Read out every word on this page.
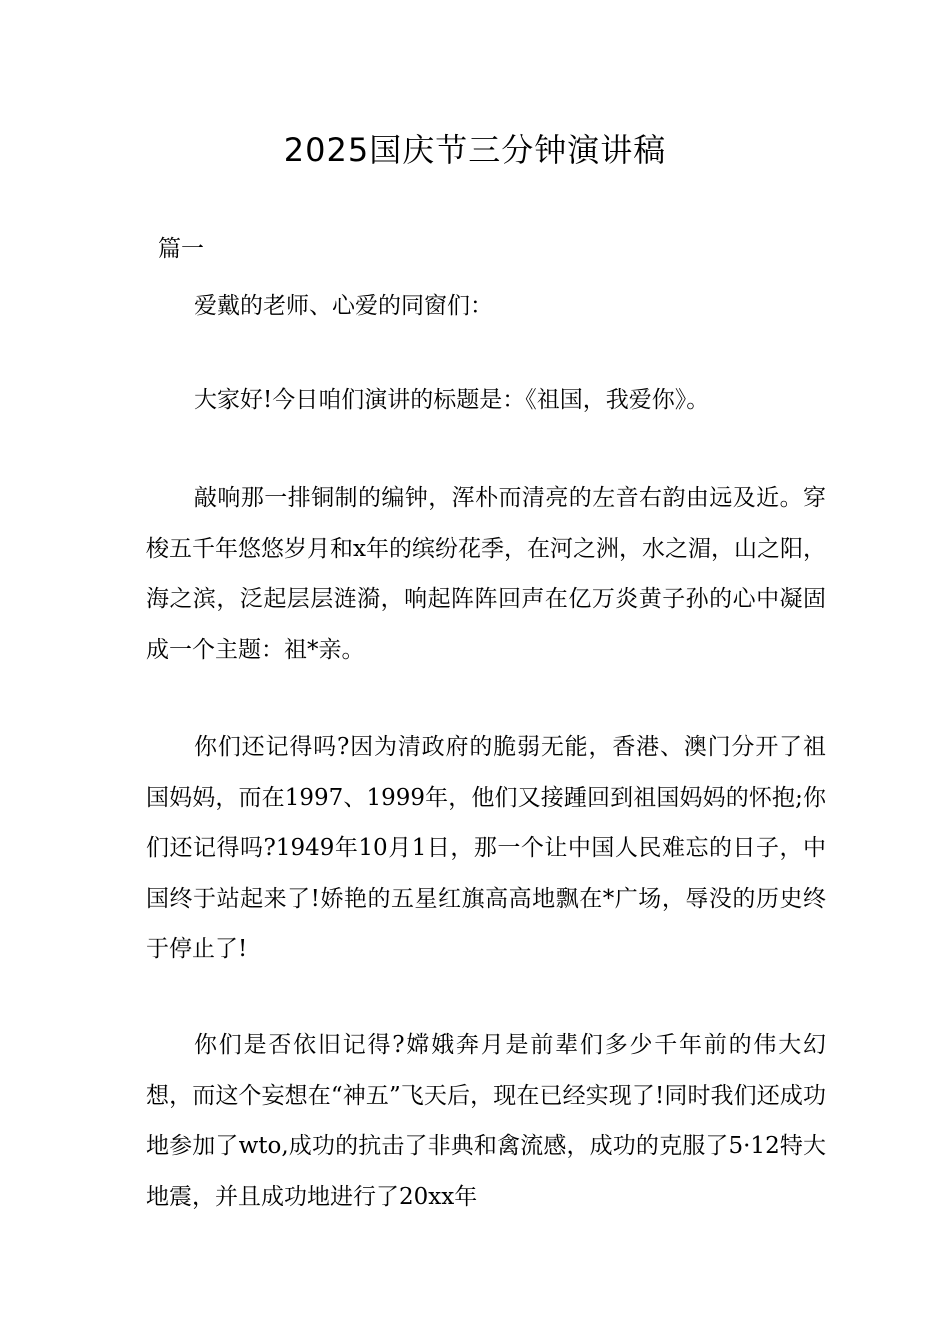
2025国庆节三分钟演讲稿
篇一

爱戴的老师、心爱的同窗们：

大家好!今日咱们演讲的标题是：《祖国，我爱你》。

敲响那一排铜制的编钟，浑朴而清亮的左音右韵由远及近。穿梭五千年悠悠岁月和x年的缤纷花季，在河之洲，水之湄，山之阳，海之滨，泛起层层涟漪，响起阵阵回声在亿万炎黄子孙的心中凝固成一个主题：祖*亲。

你们还记得吗?因为清政府的脆弱无能，香港、澳门分开了祖国妈妈，而在1997、1999年，他们又接踵回到祖国妈妈的怀抱;你们还记得吗?1949年10月1日，那一个让中国人民难忘的日子，中国终于站起来了!娇艳的五星红旗高高地飘在*广场，辱没的历史终于停止了!

你们是否依旧记得?嫦娥奔月是前辈们多少千年前的伟大幻想，而这个妄想在“神五”飞天后，现在已经实现了!同时我们还成功地参加了wto,成功的抗击了非典和禽流感，成功的克服了5·12特大地震，并且成功地进行了20xx年
